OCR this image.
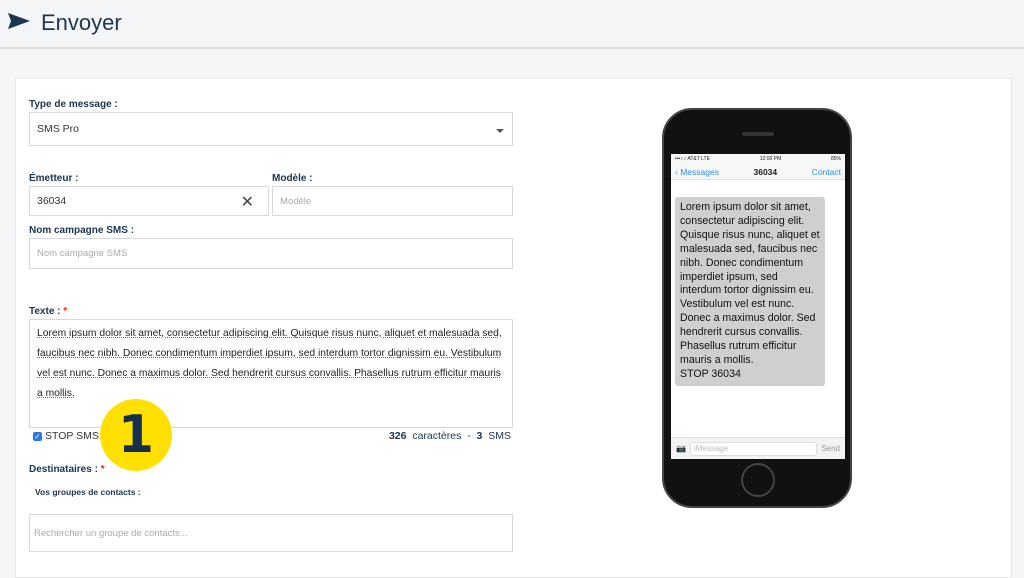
Envoyer
Type de message :
SMS Pro
Émetteur :
36034	✕
Modèle :
Modèle
Nom campagne SMS :
Nom campagne SMS
Texte : *
Lorem ipsum dolor sit amet, consectetur adipiscing elit. Quisque risus nunc, aliquet et malesuada sed, faucibus nec nibh. Donec condimentum imperdiet ipsum, sed interdum tortor dignissim eu. Vestibulum vel est nunc. Donec a maximus dolor. Sed hendrerit cursus convallis. Phasellus rutrum efficitur mauris a mollis.
✓ STOP SMS	326 caractères - 3 SMS
Destinataires : *
Vos groupes de contacts :
Rechercher un groupe de contacts...
1
•••○○ AT&T LTE	12:00 PM	85%
‹ Messages	36034	Contact
Lorem ipsum dolor sit amet, consectetur adipiscing elit. Quisque risus nunc, aliquet et malesuada sed, faucibus nec nibh. Donec condimentum imperdiet ipsum, sed interdum tortor dignissim eu. Vestibulum vel est nunc. Donec a maximus dolor. Sed hendrerit cursus convallis. Phasellus rutrum efficitur mauris a mollis.
STOP 36034
📷	iMessage	Send
